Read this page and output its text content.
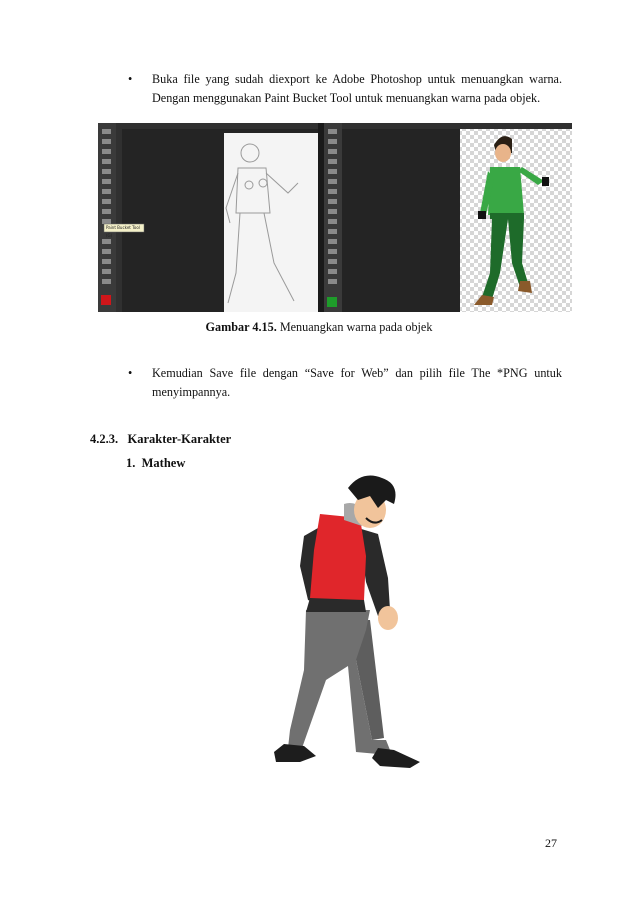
• Buka file yang sudah diexport ke Adobe Photoshop untuk menuangkan warna. Dengan menggunakan Paint Bucket Tool untuk menuangkan warna pada objek.
Paint Bucket Tool (G)
Gambar 4.15. Menuangkan warna pada objek
• Kemudian Save file dengan “Save for Web” dan pilih file The *PNG untuk menyimpannya.
4.2.3.   Karakter-Karakter
1.  Mathew
27
